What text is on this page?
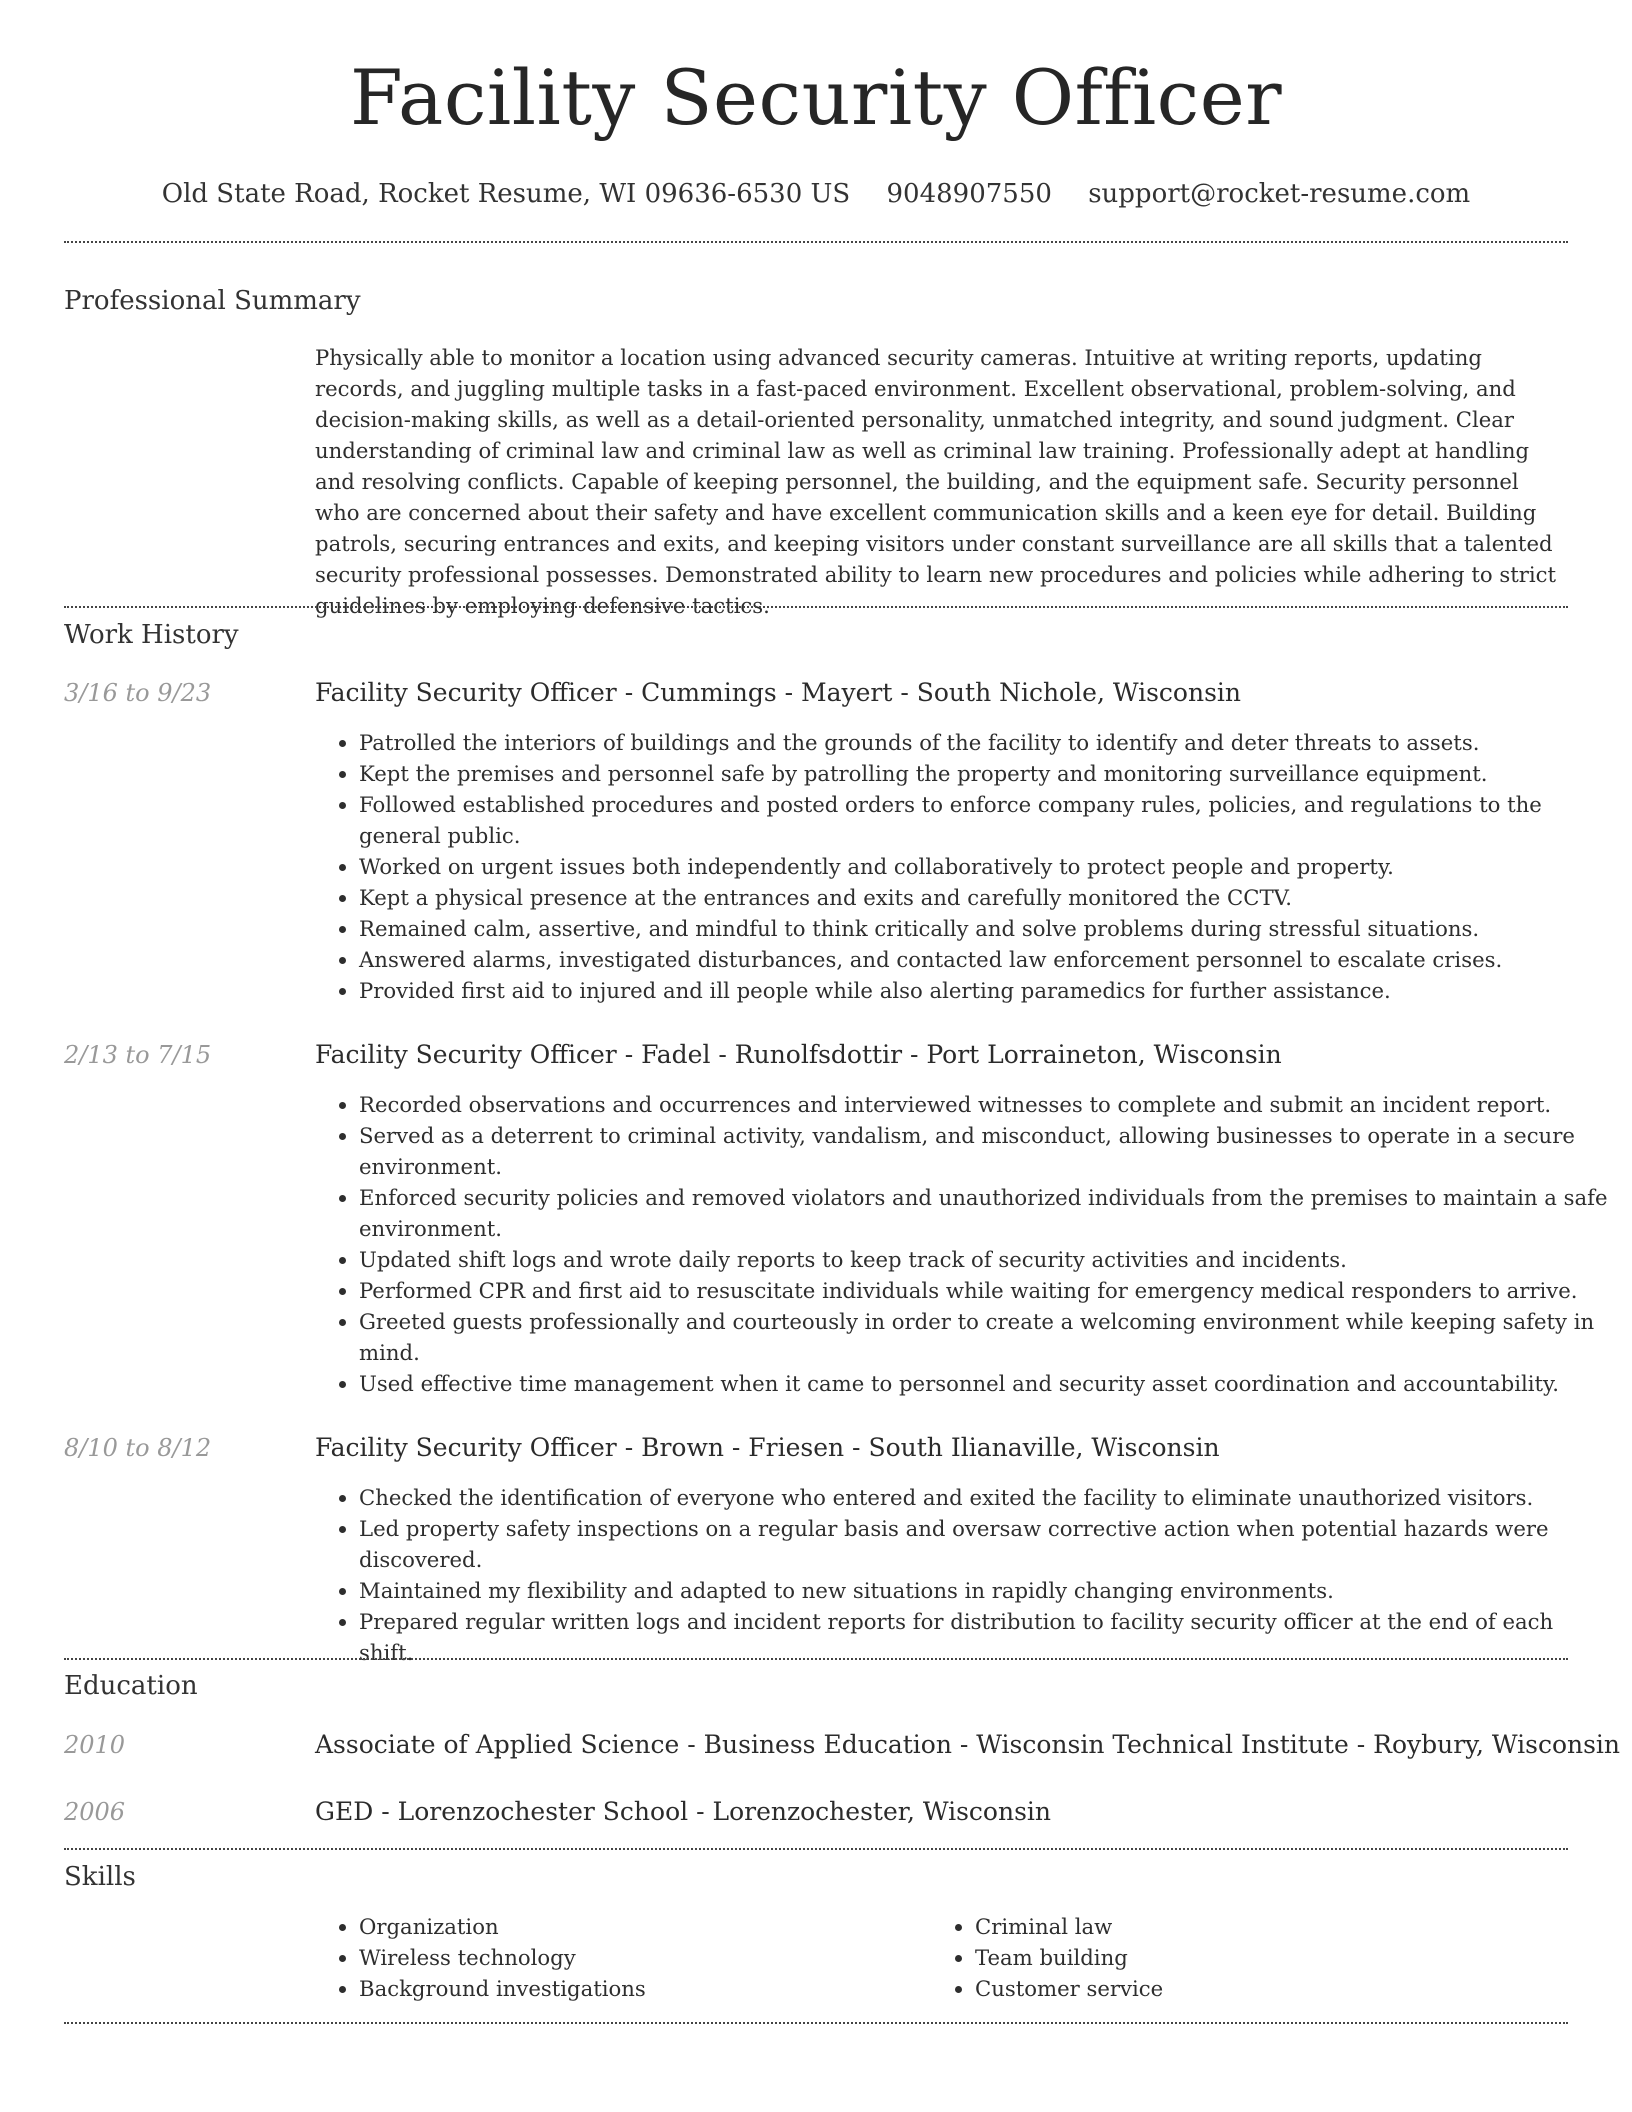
Facility Security Officer
Old State Road, Rocket Resume, WI 09636-6530 US 9048907550 support@rocket-resume.com
Professional Summary
Physically able to monitor a location using advanced security cameras. Intuitive at writing reports, updating records, and juggling multiple tasks in a fast-paced environment. Excellent observational, problem-solving, and decision-making skills, as well as a detail-oriented personality, unmatched integrity, and sound judgment. Clear understanding of criminal law and criminal law as well as criminal law training. Professionally adept at handling and resolving conflicts. Capable of keeping personnel, the building, and the equipment safe. Security personnel who are concerned about their safety and have excellent communication skills and a keen eye for detail. Building patrols, securing entrances and exits, and keeping visitors under constant surveillance are all skills that a talented security professional possesses. Demonstrated ability to learn new procedures and policies while adhering to strict guidelines by employing defensive tactics.
Work History
3/16 to 9/23	Facility Security Officer - Cummings - Mayert - South Nichole, Wisconsin
• Patrolled the interiors of buildings and the grounds of the facility to identify and deter threats to assets.
• Kept the premises and personnel safe by patrolling the property and monitoring surveillance equipment.
• Followed established procedures and posted orders to enforce company rules, policies, and regulations to the general public.
• Worked on urgent issues both independently and collaboratively to protect people and property.
• Kept a physical presence at the entrances and exits and carefully monitored the CCTV.
• Remained calm, assertive, and mindful to think critically and solve problems during stressful situations.
• Answered alarms, investigated disturbances, and contacted law enforcement personnel to escalate crises.
• Provided first aid to injured and ill people while also alerting paramedics for further assistance.
2/13 to 7/15	Facility Security Officer - Fadel - Runolfsdottir - Port Lorraineton, Wisconsin
• Recorded observations and occurrences and interviewed witnesses to complete and submit an incident report.
• Served as a deterrent to criminal activity, vandalism, and misconduct, allowing businesses to operate in a secure environment.
• Enforced security policies and removed violators and unauthorized individuals from the premises to maintain a safe environment.
• Updated shift logs and wrote daily reports to keep track of security activities and incidents.
• Performed CPR and first aid to resuscitate individuals while waiting for emergency medical responders to arrive.
• Greeted guests professionally and courteously in order to create a welcoming environment while keeping safety in mind.
• Used effective time management when it came to personnel and security asset coordination and accountability.
8/10 to 8/12	Facility Security Officer - Brown - Friesen - South Ilianaville, Wisconsin
• Checked the identification of everyone who entered and exited the facility to eliminate unauthorized visitors.
• Led property safety inspections on a regular basis and oversaw corrective action when potential hazards were discovered.
• Maintained my flexibility and adapted to new situations in rapidly changing environments.
• Prepared regular written logs and incident reports for distribution to facility security officer at the end of each shift.
Education
2010	Associate of Applied Science - Business Education - Wisconsin Technical Institute - Roybury, Wisconsin
2006	GED - Lorenzochester School - Lorenzochester, Wisconsin
Skills
• Organization
• Wireless technology
• Background investigations
• Criminal law
• Team building
• Customer service
